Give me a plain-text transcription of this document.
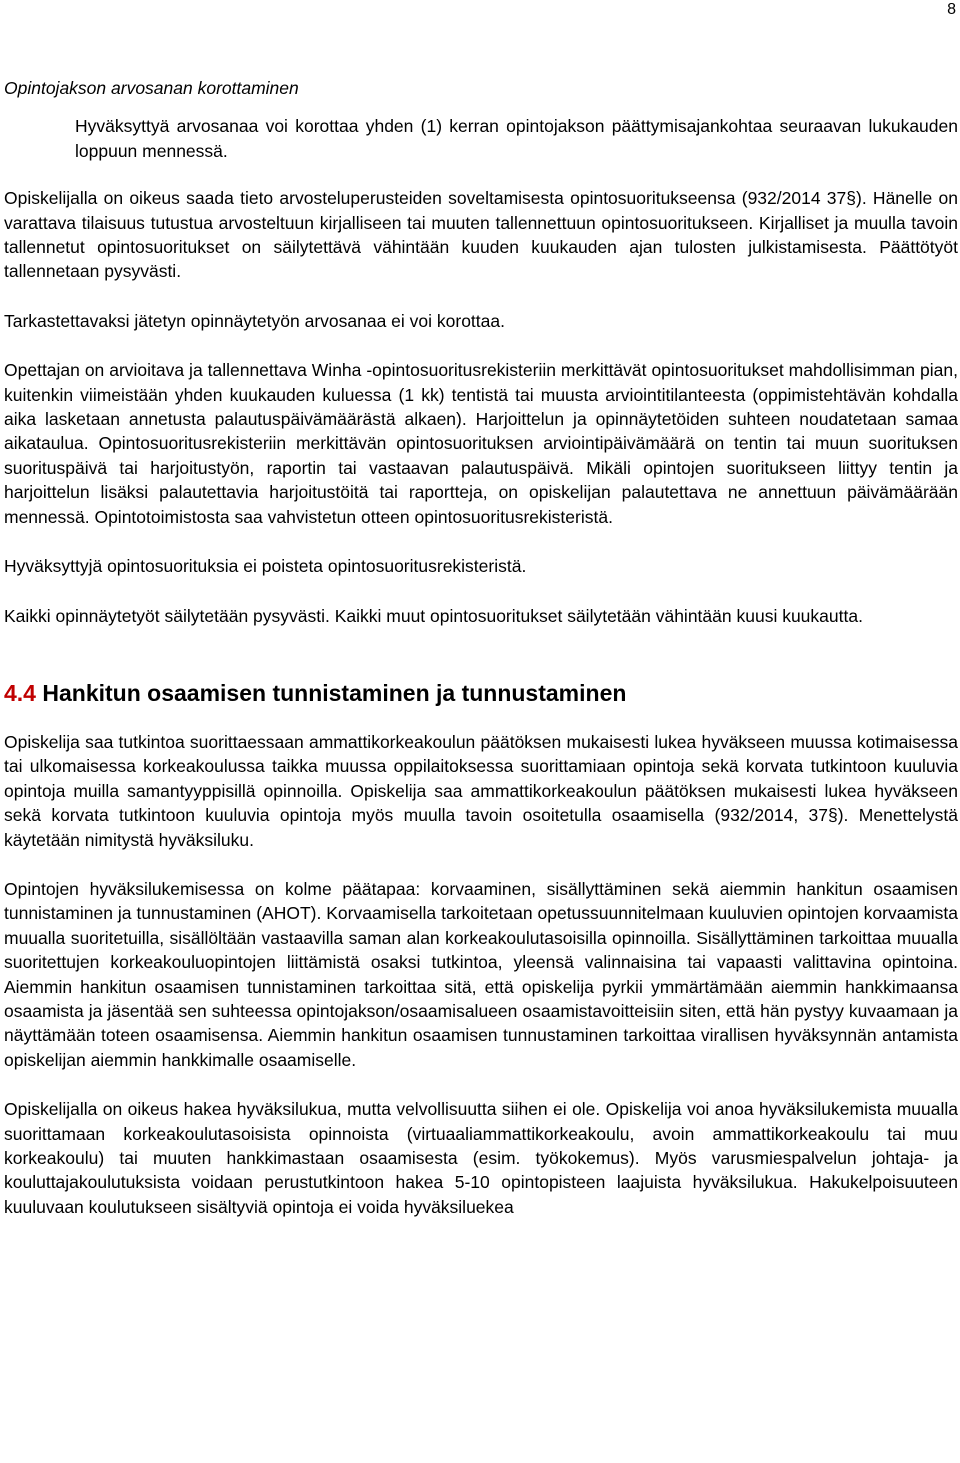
8
Opintojakson arvosanan korottaminen

Hyväksyttyä arvosanaa voi korottaa yhden (1) kerran opintojakson päättymisajankohtaa seuraavan lukukauden loppuun mennessä.

Opiskelijalla on oikeus saada tieto arvosteluperusteiden soveltamisesta opintosuoritukseensa (932/2014 37§). Hänelle on varattava tilaisuus tutustua arvosteltuun kirjalliseen tai muuten tallennettuun opintosuoritukseen. Kirjalliset ja muulla tavoin tallennetut opintosuoritukset on säilytettävä vähintään kuuden kuukauden ajan tulosten julkistamisesta. Päättötyöt tallennetaan pysyvästi.

Tarkastettavaksi jätetyn opinnäytetyön arvosanaa ei voi korottaa.

Opettajan on arvioitava ja tallennettava Winha -opintosuoritusrekisteriin merkittävät opintosuoritukset mahdollisimman pian, kuitenkin viimeistään yhden kuukauden kuluessa (1 kk) tentistä tai muusta arviointitilanteesta (oppimistehtävän kohdalla aika lasketaan annetusta palautuspäivämäärästä alkaen). Harjoittelun ja opinnäytetöiden suhteen noudatetaan samaa aikataulua. Opintosuoritusrekisteriin merkittävän opintosuorituksen arviointipäivämäärä on tentin tai muun suorituksen suorituspäivä tai harjoitustyön, raportin tai vastaavan palautuspäivä. Mikäli opintojen suoritukseen liittyy tentin ja harjoittelun lisäksi palautettavia harjoitustöitä tai raportteja, on opiskelijan palautettava ne annettuun päivämäärään mennessä. Opintotoimistosta saa vahvistetun otteen opintosuoritusrekisteristä.

Hyväksyttyjä opintosuorituksia ei poisteta opintosuoritusrekisteristä.

Kaikki opinnäytetyöt säilytetään pysyvästi. Kaikki muut opintosuoritukset säilytetään vähintään kuusi kuukautta.

4.4 Hankitun osaamisen tunnistaminen ja tunnustaminen

Opiskelija saa tutkintoa suorittaessaan ammattikorkeakoulun päätöksen mukaisesti lukea hyväkseen muussa kotimaisessa tai ulkomaisessa korkeakoulussa taikka muussa oppilaitoksessa suorittamiaan opintoja sekä korvata tutkintoon kuuluvia opintoja muilla samantyyppisillä opinnoilla. Opiskelija saa ammattikorkeakoulun päätöksen mukaisesti lukea hyväkseen sekä korvata tutkintoon kuuluvia opintoja myös muulla tavoin osoitetulla osaamisella (932/2014, 37§). Menettelystä käytetään nimitystä hyväksiluku.

Opintojen hyväksilukemisessa on kolme päätapaa: korvaaminen, sisällyttäminen sekä aiemmin hankitun osaamisen tunnistaminen ja tunnustaminen (AHOT). Korvaamisella tarkoitetaan opetussuunnitelmaan kuuluvien opintojen korvaamista muualla suoritetuilla, sisällöltään vastaavilla saman alan korkeakoulutasoisilla opinnoilla. Sisällyttäminen tarkoittaa muualla suoritettujen korkeakouluopintojen liittämistä osaksi tutkintoa, yleensä valinnaisina tai vapaasti valittavina opintoina. Aiemmin hankitun osaamisen tunnistaminen tarkoittaa sitä, että opiskelija pyrkii ymmärtämään aiemmin hankkimaansa osaamista ja jäsentää sen suhteessa opintojakson/osaamisalueen osaamistavoitteisiin siten, että hän pystyy kuvaamaan ja näyttämään toteen osaamisensa. Aiemmin hankitun osaamisen tunnustaminen tarkoittaa virallisen hyväksynnän antamista opiskelijan aiemmin hankkimalle osaamiselle.

Opiskelijalla on oikeus hakea hyväksilukua, mutta velvollisuutta siihen ei ole. Opiskelija voi anoa hyväksilukemista muualla suorittamaan korkeakoulutasoisista opinnoista (virtuaaliammattikorkeakoulu, avoin ammattikorkeakoulu tai muu korkeakoulu) tai muuten hankkimastaan osaamisesta (esim. työkokemus). Myös varusmiespalvelun johtaja- ja kouluttajakoulutuksista voidaan perustutkintoon hakea 5-10 opintopisteen laajuista hyväksilukua. Hakukelpoisuuteen kuuluvaan koulutukseen sisältyviä opintoja ei voida hyväksiluekea
